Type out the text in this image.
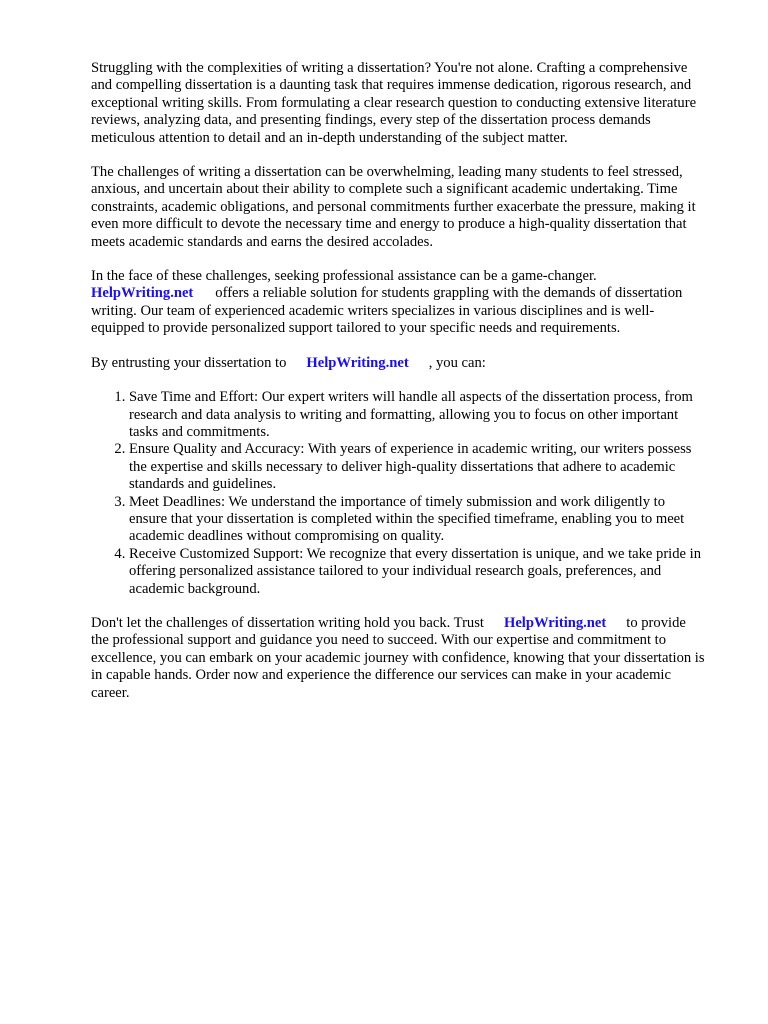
Struggling with the complexities of writing a dissertation? You're not alone. Crafting a comprehensive and compelling dissertation is a daunting task that requires immense dedication, rigorous research, and exceptional writing skills. From formulating a clear research question to conducting extensive literature reviews, analyzing data, and presenting findings, every step of the dissertation process demands meticulous attention to detail and an in-depth understanding of the subject matter.

The challenges of writing a dissertation can be overwhelming, leading many students to feel stressed, anxious, and uncertain about their ability to complete such a significant academic undertaking. Time constraints, academic obligations, and personal commitments further exacerbate the pressure, making it even more difficult to devote the necessary time and energy to produce a high-quality dissertation that meets academic standards and earns the desired accolades.

In the face of these challenges, seeking professional assistance can be a game-changer.
HelpWriting.net offers a reliable solution for students grappling with the demands of dissertation writing. Our team of experienced academic writers specializes in various disciplines and is well-equipped to provide personalized support tailored to your specific needs and requirements.

By entrusting your dissertation to HelpWriting.net , you can:

1. Save Time and Effort: Our expert writers will handle all aspects of the dissertation process, from research and data analysis to writing and formatting, allowing you to focus on other important tasks and commitments.
2. Ensure Quality and Accuracy: With years of experience in academic writing, our writers possess the expertise and skills necessary to deliver high-quality dissertations that adhere to academic standards and guidelines.
3. Meet Deadlines: We understand the importance of timely submission and work diligently to ensure that your dissertation is completed within the specified timeframe, enabling you to meet academic deadlines without compromising on quality.
4. Receive Customized Support: We recognize that every dissertation is unique, and we take pride in offering personalized assistance tailored to your individual research goals, preferences, and academic background.

Don't let the challenges of dissertation writing hold you back. Trust HelpWriting.net to provide the professional support and guidance you need to succeed. With our expertise and commitment to excellence, you can embark on your academic journey with confidence, knowing that your dissertation is in capable hands. Order now and experience the difference our services can make in your academic career.
